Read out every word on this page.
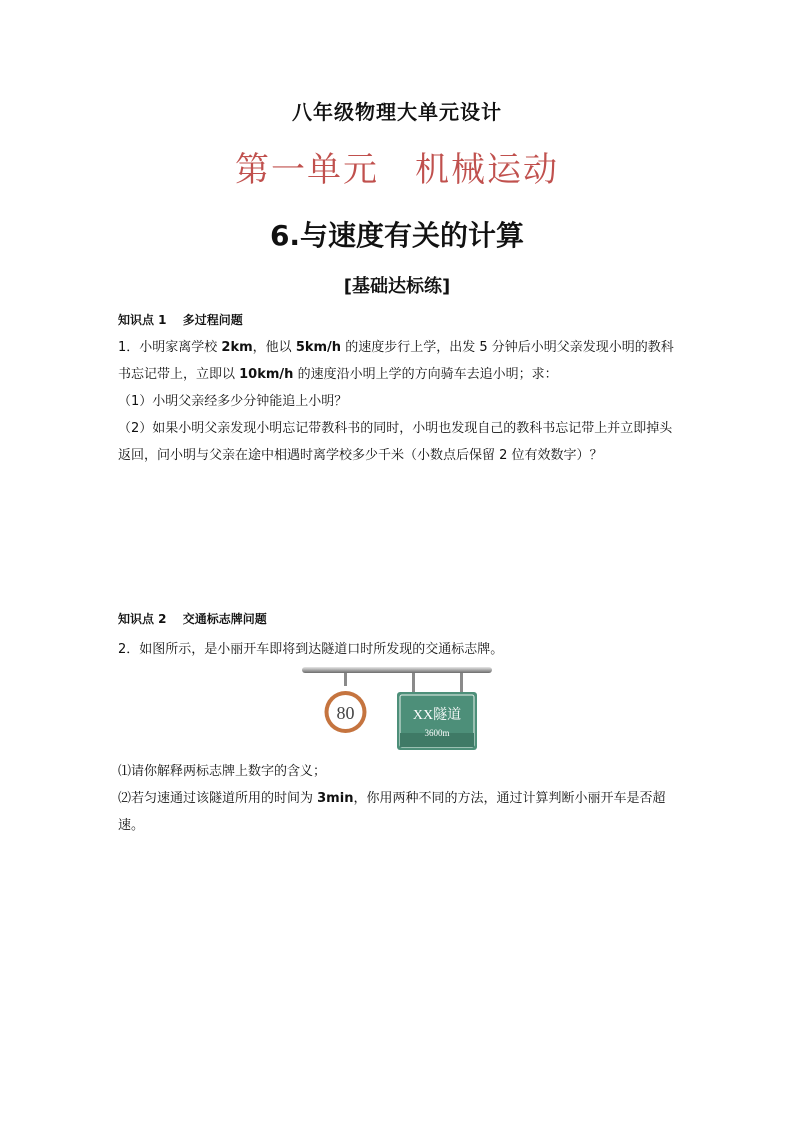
八年级物理大单元设计
第一单元　机械运动
6.与速度有关的计算
[基础达标练]
知识点 1　 多过程问题
1．小明家离学校 2km，他以 5km/h 的速度步行上学，出发 5 分钟后小明父亲发现小明的教科书忘记带上，立即以 10km/h 的速度沿小明上学的方向骑车去追小明；求：
（1）小明父亲经多少分钟能追上小明？
（2）如果小明父亲发现小明忘记带教科书的同时，小明也发现自己的教科书忘记带上并立即掉头返回，问小明与父亲在途中相遇时离学校多少千米（小数点后保留 2 位有效数字）？
知识点 2　 交通标志牌问题
2．如图所示，是小丽开车即将到达隧道口时所发现的交通标志牌。
80	XX隧道
3600m
⑴请你解释两标志牌上数字的含义；
⑵若匀速通过该隧道所用的时间为 3min，你用两种不同的方法，通过计算判断小丽开车是否超速。
